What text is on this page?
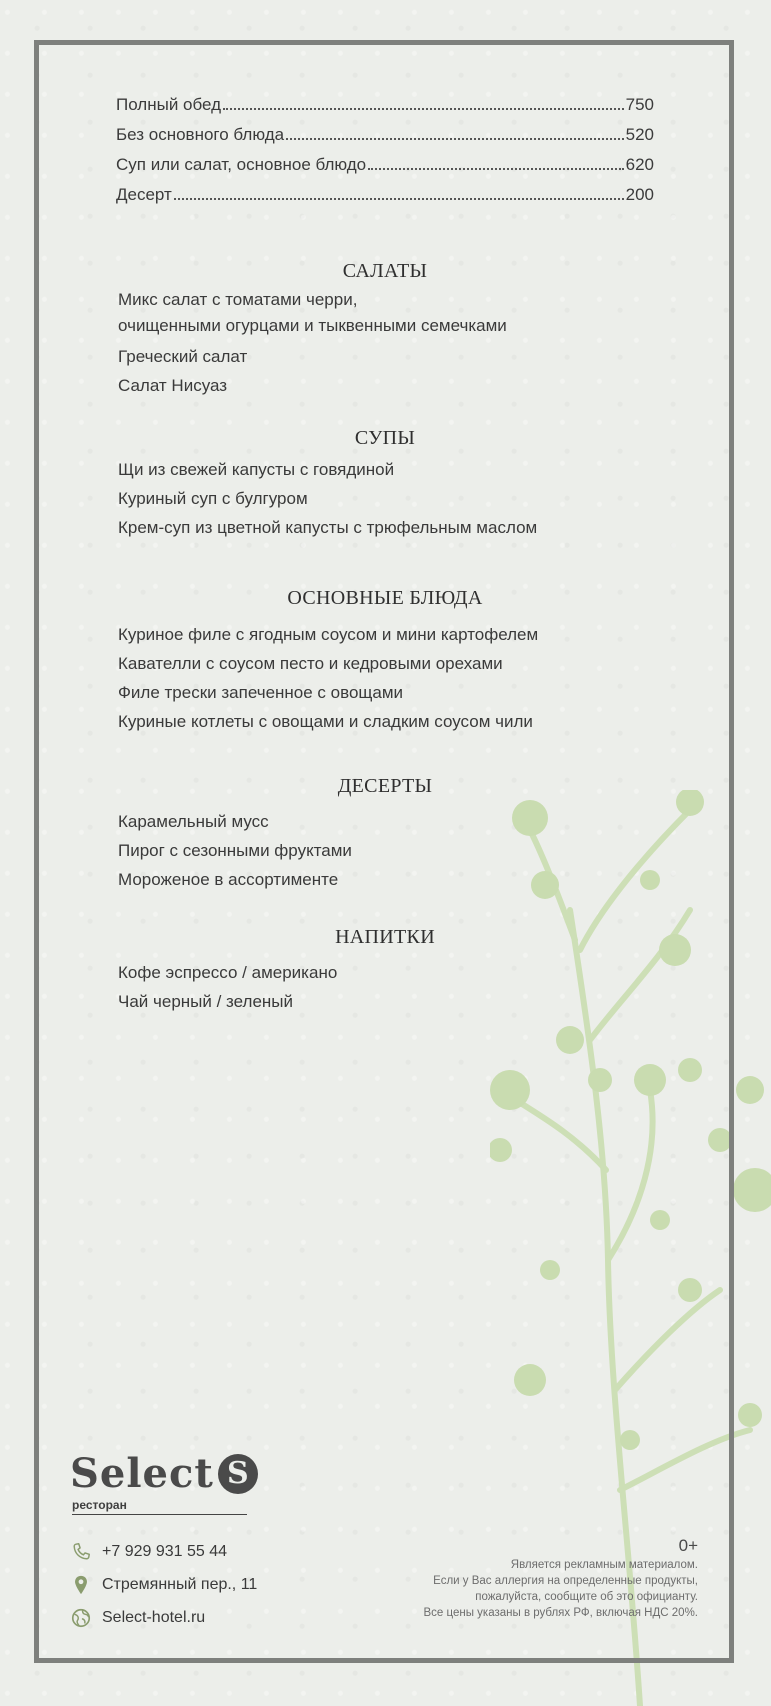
Полный обед	750
Без основного блюда	520
Суп или салат, основное блюдо	620
Десерт	200
САЛАТЫ
Микс салат с томатами черри,
очищенными огурцами и тыквенными семечками
Греческий салат
Салат Нисуаз
СУПЫ
Щи из свежей капусты с говядиной
Куриный суп с булгуром
Крем-суп из цветной капусты с трюфельным маслом
ОСНОВНЫЕ БЛЮДА
Куриное филе с ягодным соусом и мини картофелем
Кавателли с соусом песто и кедровыми орехами
Филе трески запеченное с овощами
Куриные котлеты с овощами и сладким соусом чили
ДЕСЕРТЫ
Карамельный мусс
Пирог с сезонными фруктами
Мороженое в ассортименте
НАПИТКИ
Кофе эспрессо / американо
Чай черный / зеленый
Select S
ресторан
+7 929 931 55 44
Стремянный пер., 11
Select-hotel.ru
0+
Является рекламным материалом.
Если у Вас аллергия на определенные продукты,
пожалуйста, сообщите об это официанту.
Все цены указаны в рублях РФ, включая НДС 20%.
